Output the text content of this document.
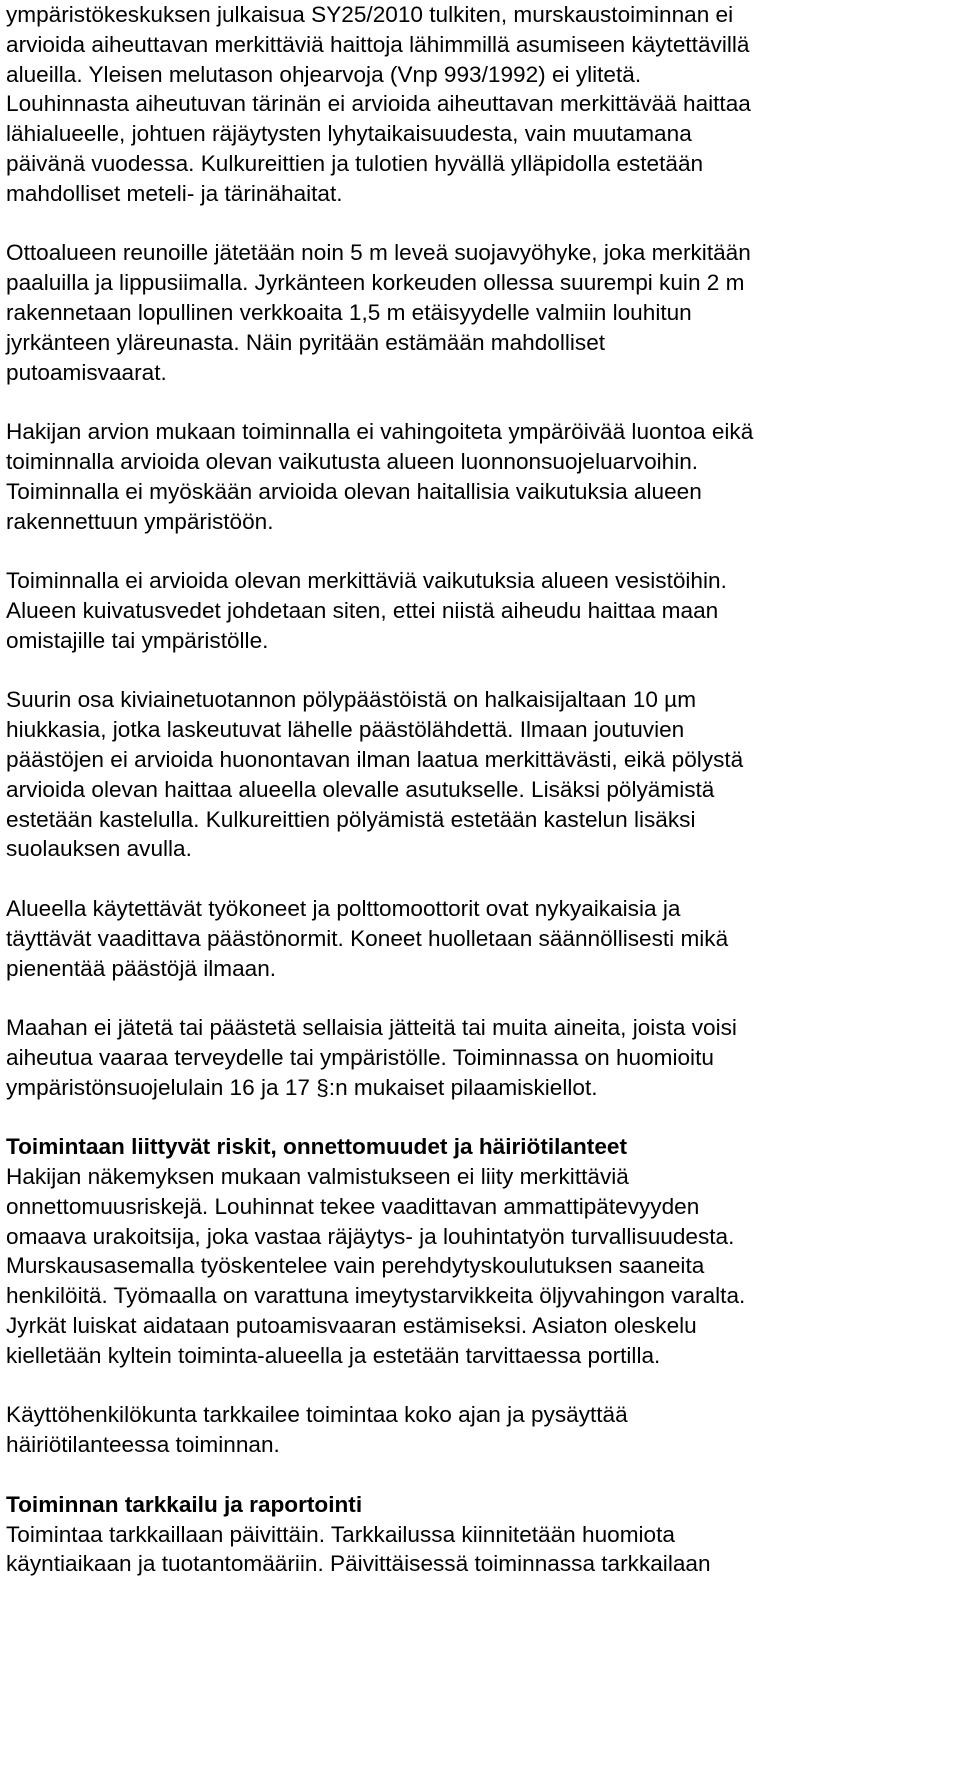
ympäristökeskuksen julkaisua SY25/2010 tulkiten, murskaustoiminnan ei
arvioida aiheuttavan merkittäviä haittoja lähimmillä asumiseen käytettävillä
alueilla. Yleisen melutason ohjearvoja (Vnp 993/1992) ei ylitetä.
Louhinnasta aiheutuvan tärinän ei arvioida aiheuttavan merkittävää haittaa
lähialueelle, johtuen räjäytysten lyhytaikaisuudesta, vain muutamana
päivänä vuodessa. Kulkureittien ja tulotien hyvällä ylläpidolla estetään
mahdolliset meteli- ja tärinähaitat.
Ottoalueen reunoille jätetään noin 5 m leveä suojavyöhyke, joka merkitään
paaluilla ja lippusiimalla. Jyrkänteen korkeuden ollessa suurempi kuin 2 m
rakennetaan lopullinen verkkoaita 1,5 m etäisyydelle valmiin louhitun
jyrkänteen yläreunasta. Näin pyritään estämään mahdolliset
putoamisvaarat.
Hakijan arvion mukaan toiminnalla ei vahingoiteta ympäröivää luontoa eikä
toiminnalla arvioida olevan vaikutusta alueen luonnonsuojeluarvoihin.
Toiminnalla ei myöskään arvioida olevan haitallisia vaikutuksia alueen
rakennettuun ympäristöön.
Toiminnalla ei arvioida olevan merkittäviä vaikutuksia alueen vesistöihin.
Alueen kuivatusvedet johdetaan siten, ettei niistä aiheudu haittaa maan
omistajille tai ympäristölle.
Suurin osa kiviainetuotannon pölypäästöistä on halkaisijaltaan 10 µm
hiukkasia, jotka laskeutuvat lähelle päästölähdettä. Ilmaan joutuvien
päästöjen ei arvioida huonontavan ilman laatua merkittävästi, eikä pölystä
arvioida olevan haittaa alueella olevalle asutukselle. Lisäksi pölyämistä
estetään kastelulla. Kulkureittien pölyämistä estetään kastelun lisäksi
suolauksen avulla.
Alueella käytettävät työkoneet ja polttomoottorit ovat nykyaikaisia ja
täyttävät vaadittava päästönormit. Koneet huolletaan säännöllisesti mikä
pienentää päästöjä ilmaan.
Maahan ei jätetä tai päästetä sellaisia jätteitä tai muita aineita, joista voisi
aiheutua vaaraa terveydelle tai ympäristölle. Toiminnassa on huomioitu
ympäristönsuojelulain 16 ja 17 §:n mukaiset pilaamiskiellot.
Toimintaan liittyvät riskit, onnettomuudet ja häiriötilanteet
Hakijan näkemyksen mukaan valmistukseen ei liity merkittäviä
onnettomuusriskejä. Louhinnat tekee vaadittavan ammattipätevyyden
omaava urakoitsija, joka vastaa räjäytys- ja louhintatyön turvallisuudesta.
Murskausasemalla työskentelee vain perehdytyskoulutuksen saaneita
henkilöitä. Työmaalla on varattuna imeytystarvikkeita öljyvahingon varalta.
Jyrkät luiskat aidataan putoamisvaaran estämiseksi. Asiaton oleskelu
kielletään kyltein toiminta-alueella ja estetään tarvittaessa portilla.
Käyttöhenkilökunta tarkkailee toimintaa koko ajan ja pysäyttää
häiriötilanteessa toiminnan.
Toiminnan tarkkailu ja raportointi
Toimintaa tarkkaillaan päivittäin. Tarkkailussa kiinnitetään huomiota
käyntiaikaan ja tuotantomääriin. Päivittäisessä toiminnassa tarkkailaan
